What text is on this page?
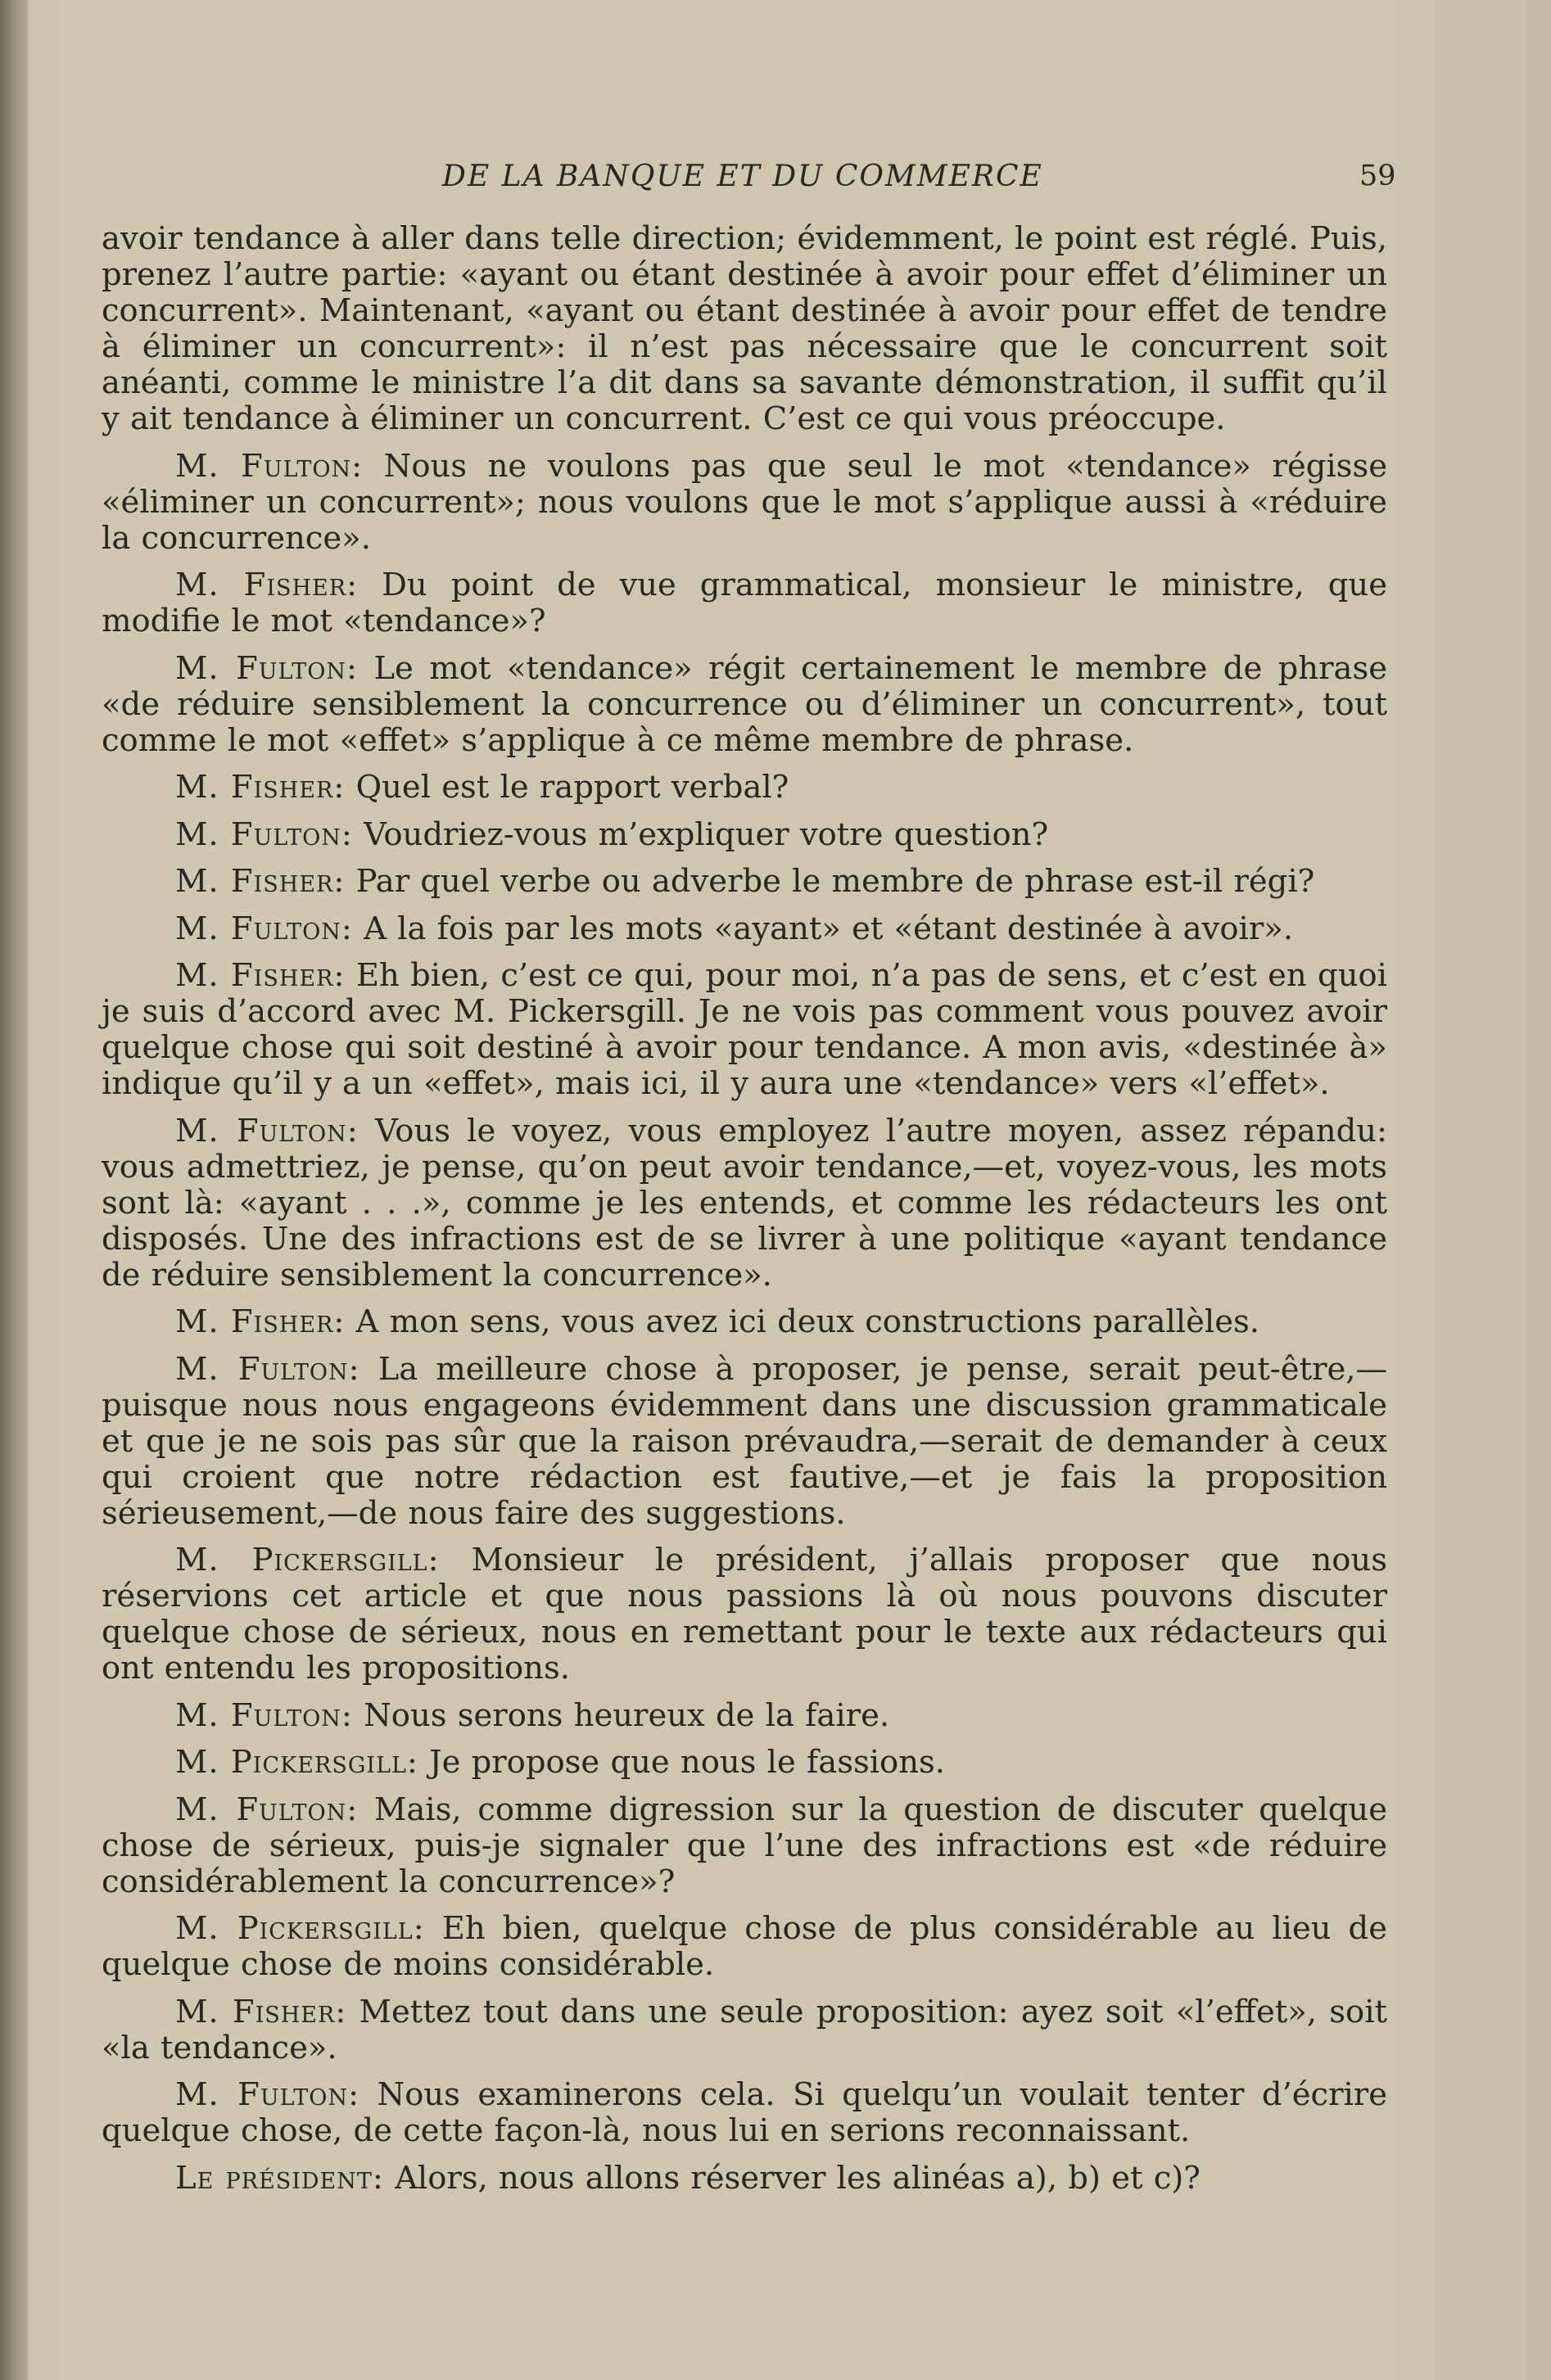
DE LA BANQUE ET DU COMMERCE	59

avoir tendance à aller dans telle direction; évidemment, le point est réglé. Puis, prenez l’autre partie: «ayant ou étant destinée à avoir pour effet d’éliminer un concurrent». Maintenant, «ayant ou étant destinée à avoir pour effet de tendre à éliminer un concurrent»: il n’est pas nécessaire que le concurrent soit anéanti, comme le ministre l’a dit dans sa savante démonstration, il suffit qu’il y ait tendance à éliminer un concurrent. C’est ce qui vous préoccupe.

M. Fulton: Nous ne voulons pas que seul le mot «tendance» régisse «éliminer un concurrent»; nous voulons que le mot s’applique aussi à «réduire la concurrence».

M. Fisher: Du point de vue grammatical, monsieur le ministre, que modifie le mot «tendance»?

M. Fulton: Le mot «tendance» régit certainement le membre de phrase «de réduire sensiblement la concurrence ou d’éliminer un concurrent», tout comme le mot «effet» s’applique à ce même membre de phrase.

M. Fisher: Quel est le rapport verbal?

M. Fulton: Voudriez-vous m’expliquer votre question?

M. Fisher: Par quel verbe ou adverbe le membre de phrase est-il régi?

M. Fulton: A la fois par les mots «ayant» et «étant destinée à avoir».

M. Fisher: Eh bien, c’est ce qui, pour moi, n’a pas de sens, et c’est en quoi je suis d’accord avec M. Pickersgill. Je ne vois pas comment vous pouvez avoir quelque chose qui soit destiné à avoir pour tendance. A mon avis, «destinée à» indique qu’il y a un «effet», mais ici, il y aura une «tendance» vers «l’effet».

M. Fulton: Vous le voyez, vous employez l’autre moyen, assez répandu: vous admettriez, je pense, qu’on peut avoir tendance,—et, voyez-vous, les mots sont là: «ayant . . .», comme je les entends, et comme les rédacteurs les ont disposés. Une des infractions est de se livrer à une politique «ayant tendance de réduire sensiblement la concurrence».

M. Fisher: A mon sens, vous avez ici deux constructions parallèles.

M. Fulton: La meilleure chose à proposer, je pense, serait peut-être,—puisque nous nous engageons évidemment dans une discussion grammaticale et que je ne sois pas sûr que la raison prévaudra,—serait de demander à ceux qui croient que notre rédaction est fautive,—et je fais la proposition sérieusement,—de nous faire des suggestions.

M. Pickersgill: Monsieur le président, j’allais proposer que nous réservions cet article et que nous passions là où nous pouvons discuter quelque chose de sérieux, nous en remettant pour le texte aux rédacteurs qui ont entendu les propositions.

M. Fulton: Nous serons heureux de la faire.

M. Pickersgill: Je propose que nous le fassions.

M. Fulton: Mais, comme digression sur la question de discuter quelque chose de sérieux, puis-je signaler que l’une des infractions est «de réduire considérablement la concurrence»?

M. Pickersgill: Eh bien, quelque chose de plus considérable au lieu de quelque chose de moins considérable.

M. Fisher: Mettez tout dans une seule proposition: ayez soit «l’effet», soit «la tendance».

M. Fulton: Nous examinerons cela. Si quelqu’un voulait tenter d’écrire quelque chose, de cette façon-là, nous lui en serions reconnaissant.

Le président: Alors, nous allons réserver les alinéas a), b) et c)?
